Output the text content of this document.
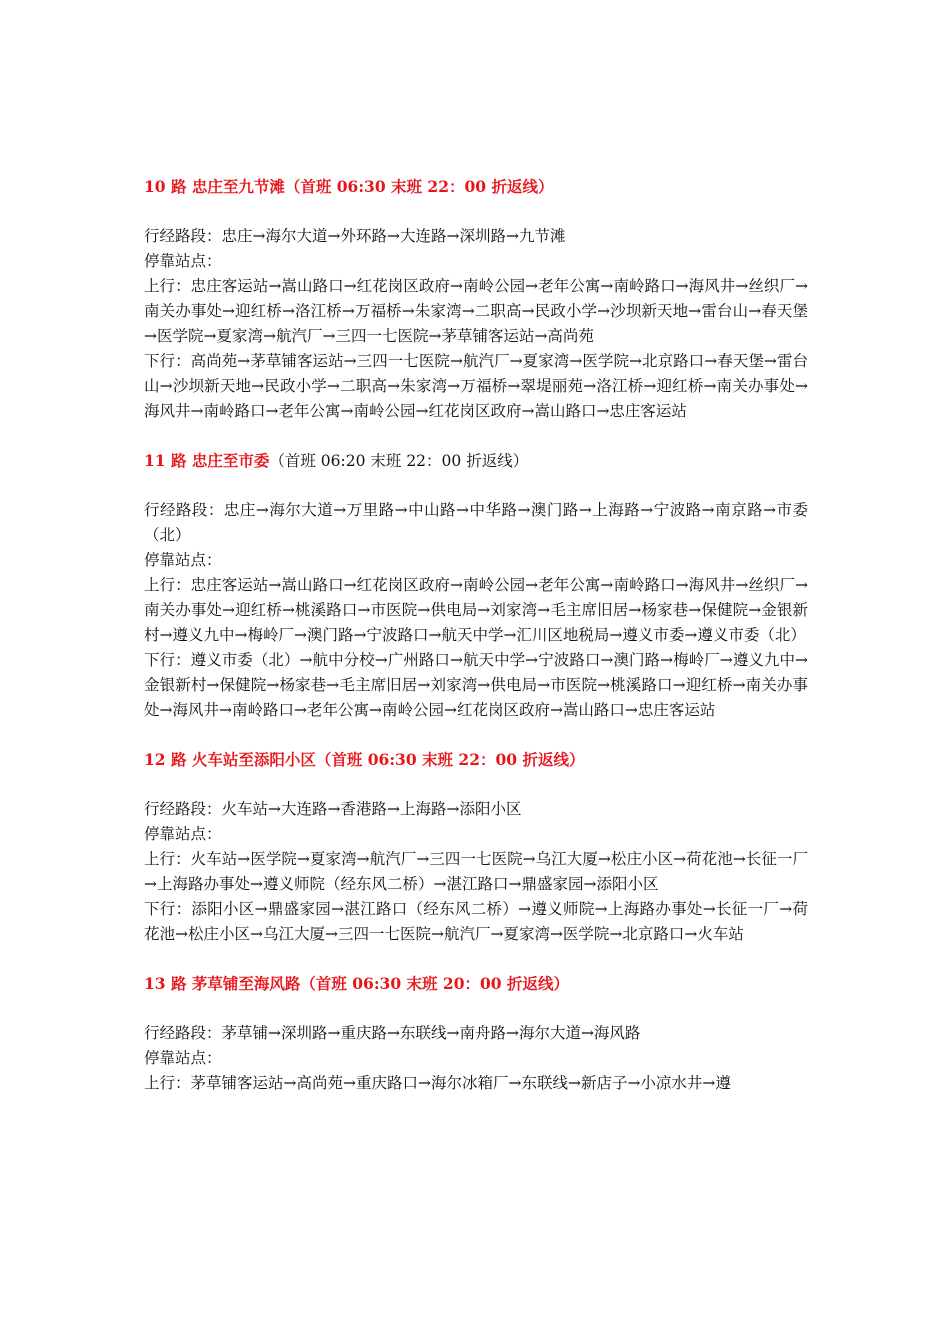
10 路 忠庄至九节滩（首班 06:30 末班 22：00 折返线）

行经路段：忠庄→海尔大道→外环路→大连路→深圳路→九节滩

停靠站点：

上行：忠庄客运站→嵩山路口→红花岗区政府→南岭公园→老年公寓→南岭路口→海风井→丝织厂→南关办事处→迎红桥→洛江桥→万福桥→朱家湾→二职高→民政小学→沙坝新天地→雷台山→春天堡→医学院→夏家湾→航汽厂→三四一七医院→茅草铺客运站→高尚苑

下行：高尚苑→茅草铺客运站→三四一七医院→航汽厂→夏家湾→医学院→北京路口→春天堡→雷台山→沙坝新天地→民政小学→二职高→朱家湾→万福桥→翠堤丽苑→洛江桥→迎红桥→南关办事处→海风井→南岭路口→老年公寓→南岭公园→红花岗区政府→嵩山路口→忠庄客运站

11 路 忠庄至市委（首班 06:20 末班 22：00 折返线）

行经路段：忠庄→海尔大道→万里路→中山路→中华路→澳门路→上海路→宁波路→南京路→市委（北）

停靠站点：

上行：忠庄客运站→嵩山路口→红花岗区政府→南岭公园→老年公寓→南岭路口→海风井→丝织厂→南关办事处→迎红桥→桃溪路口→市医院→供电局→刘家湾→毛主席旧居→杨家巷→保健院→金银新村→遵义九中→梅岭厂→澳门路→宁波路口→航天中学→汇川区地税局→遵义市委→遵义市委（北）

下行：遵义市委（北）→航中分校→广州路口→航天中学→宁波路口→澳门路→梅岭厂→遵义九中→金银新村→保健院→杨家巷→毛主席旧居→刘家湾→供电局→市医院→桃溪路口→迎红桥→南关办事处→海风井→南岭路口→老年公寓→南岭公园→红花岗区政府→嵩山路口→忠庄客运站

12 路 火车站至添阳小区（首班 06:30 末班 22：00 折返线）

行经路段：火车站→大连路→香港路→上海路→添阳小区

停靠站点：

上行：火车站→医学院→夏家湾→航汽厂→三四一七医院→乌江大厦→松庄小区→荷花池→长征一厂→上海路办事处→遵义师院（经东风二桥）→湛江路口→鼎盛家园→添阳小区

下行：添阳小区→鼎盛家园→湛江路口（经东风二桥）→遵义师院→上海路办事处→长征一厂→荷花池→松庄小区→乌江大厦→三四一七医院→航汽厂→夏家湾→医学院→北京路口→火车站

13 路 茅草铺至海风路（首班 06:30 末班 20：00 折返线）

行经路段：茅草铺→深圳路→重庆路→东联线→南舟路→海尔大道→海风路

停靠站点：

上行：茅草铺客运站→高尚苑→重庆路口→海尔冰箱厂→东联线→新店子→小凉水井→遵
